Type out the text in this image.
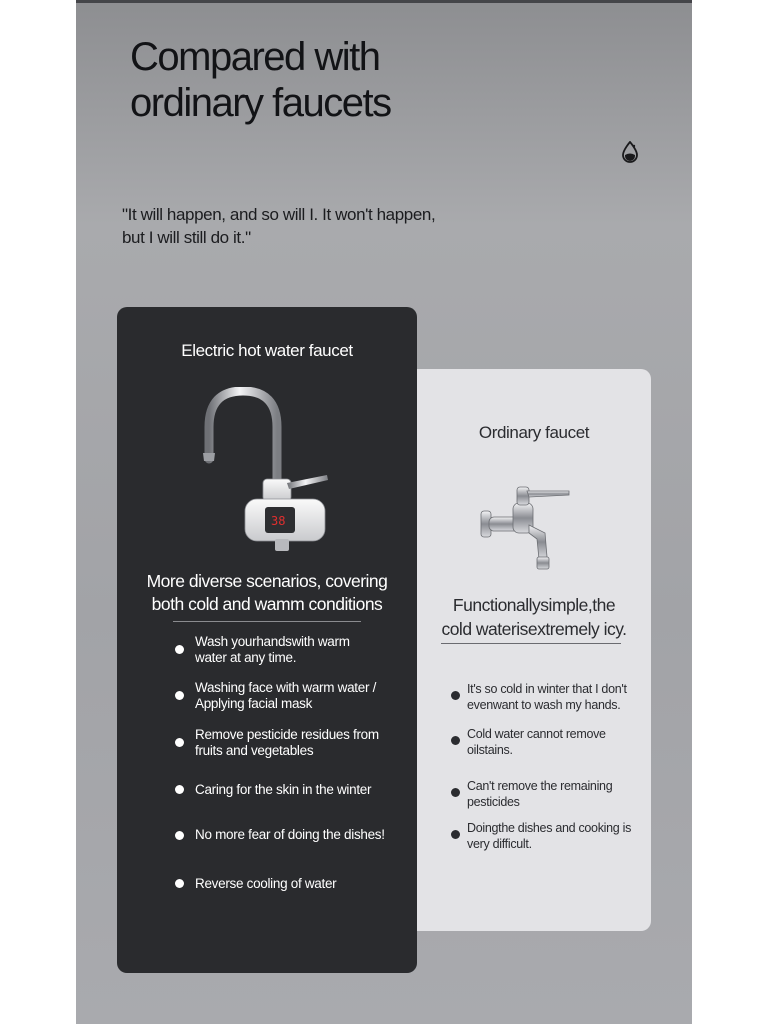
Compared with
ordinary faucets
"It will happen, and so will I. It won't happen,
but I will still do it."
Ordinary faucet
Functionallysimple,the
cold waterisextremely icy.
It's so cold in winter that I don't
evenwant to wash my hands.
Cold water cannot remove
oilstains.
Can't remove the remaining
pesticides
Doingthe dishes and cooking is
very difficult.
Electric hot water faucet
38
More diverse scenarios, covering
both cold and wamm conditions
Wash yourhandswith warm
water at any time.
Washing face with warm water /
Applying facial mask
Remove pesticide residues from
fruits and vegetables
Caring for the skin in the winter
No more fear of doing the dishes!
Reverse cooling of water
